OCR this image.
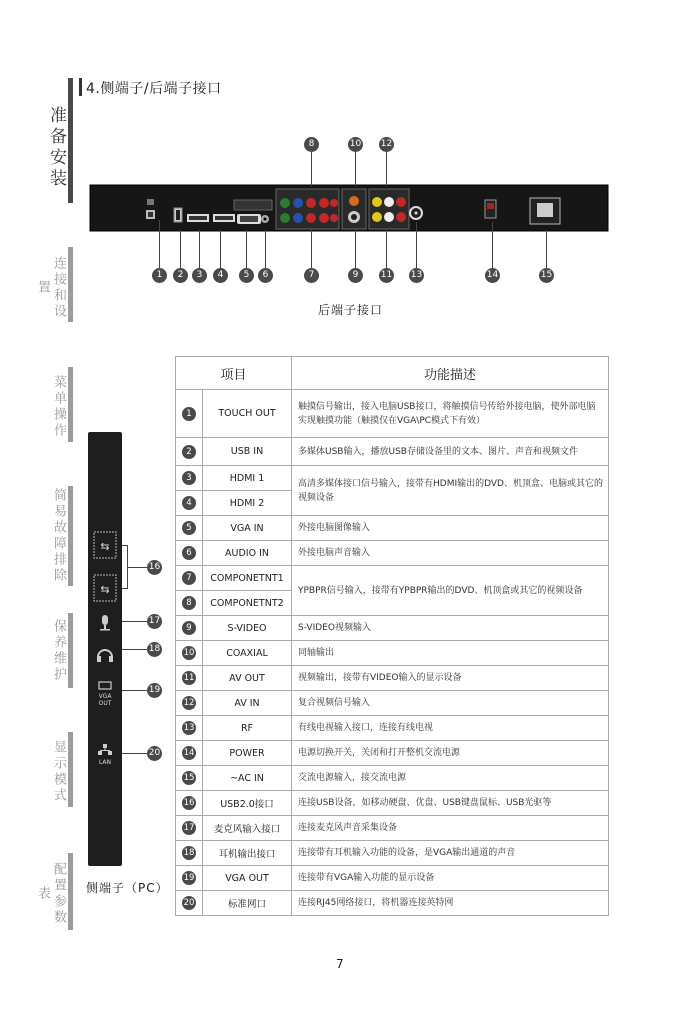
4.侧端子/后端子接口
准备安装
连接和设置
菜单操作
简易故障排除
保养维护
显示模式
配置参数表
8	10 12
1	2	3	4	5	6	7	9	11 13	14	15
后端子接口
项目		功能描述
1	TOUCH OUT	触摸信号输出，接入电脑USB接口，将触摸信号传给外接电脑，使外部电脑实现触摸功能（触摸仅在VGA\PC模式下有效）
2	USB IN	多媒体USB输入，播放USB存储设备里的文本、图片、声音和视频文件
3	HDMI 1	高清多媒体接口信号输入，接带有HDMI输出的DVD、机顶盒、电脑或其它的视频设备
4	HDMI 2	
5	VGA IN	外接电脑图像输入
6	AUDIO IN	外接电脑声音输入
7	COMPONETNT1	YPBPR信号输入，接带有YPBPR输出的DVD、机顶盒或其它的视频设备
8	COMPONETNT2	
9	S-VIDEO	S-VIDEO视频输入
10	COAXIAL	同轴输出
11	AV OUT	视频输出，接带有VIDEO输入的显示设备
12	AV IN	复合视频信号输入
13	RF	有线电视输入接口，连接有线电视
14	POWER	电源切换开关，关闭和打开整机交流电源
15	~AC IN	交流电源输入，接交流电源
16	USB2.0接口	连接USB设备，如移动硬盘、优盘、USB键盘鼠标、USB光驱等
17	麦克风输入接口	连接麦克风声音采集设备
18	耳机输出接口	连接带有耳机输入功能的设备，是VGA输出通道的声音
19	VGA OUT	连接带有VGA输入功能的显示设备
20	标准网口	连接RJ45网络接口，将机器连接英特网
⇆
⇆
VGA OUT
LAN
16
17
18
19
20
侧端子（PC）
7
